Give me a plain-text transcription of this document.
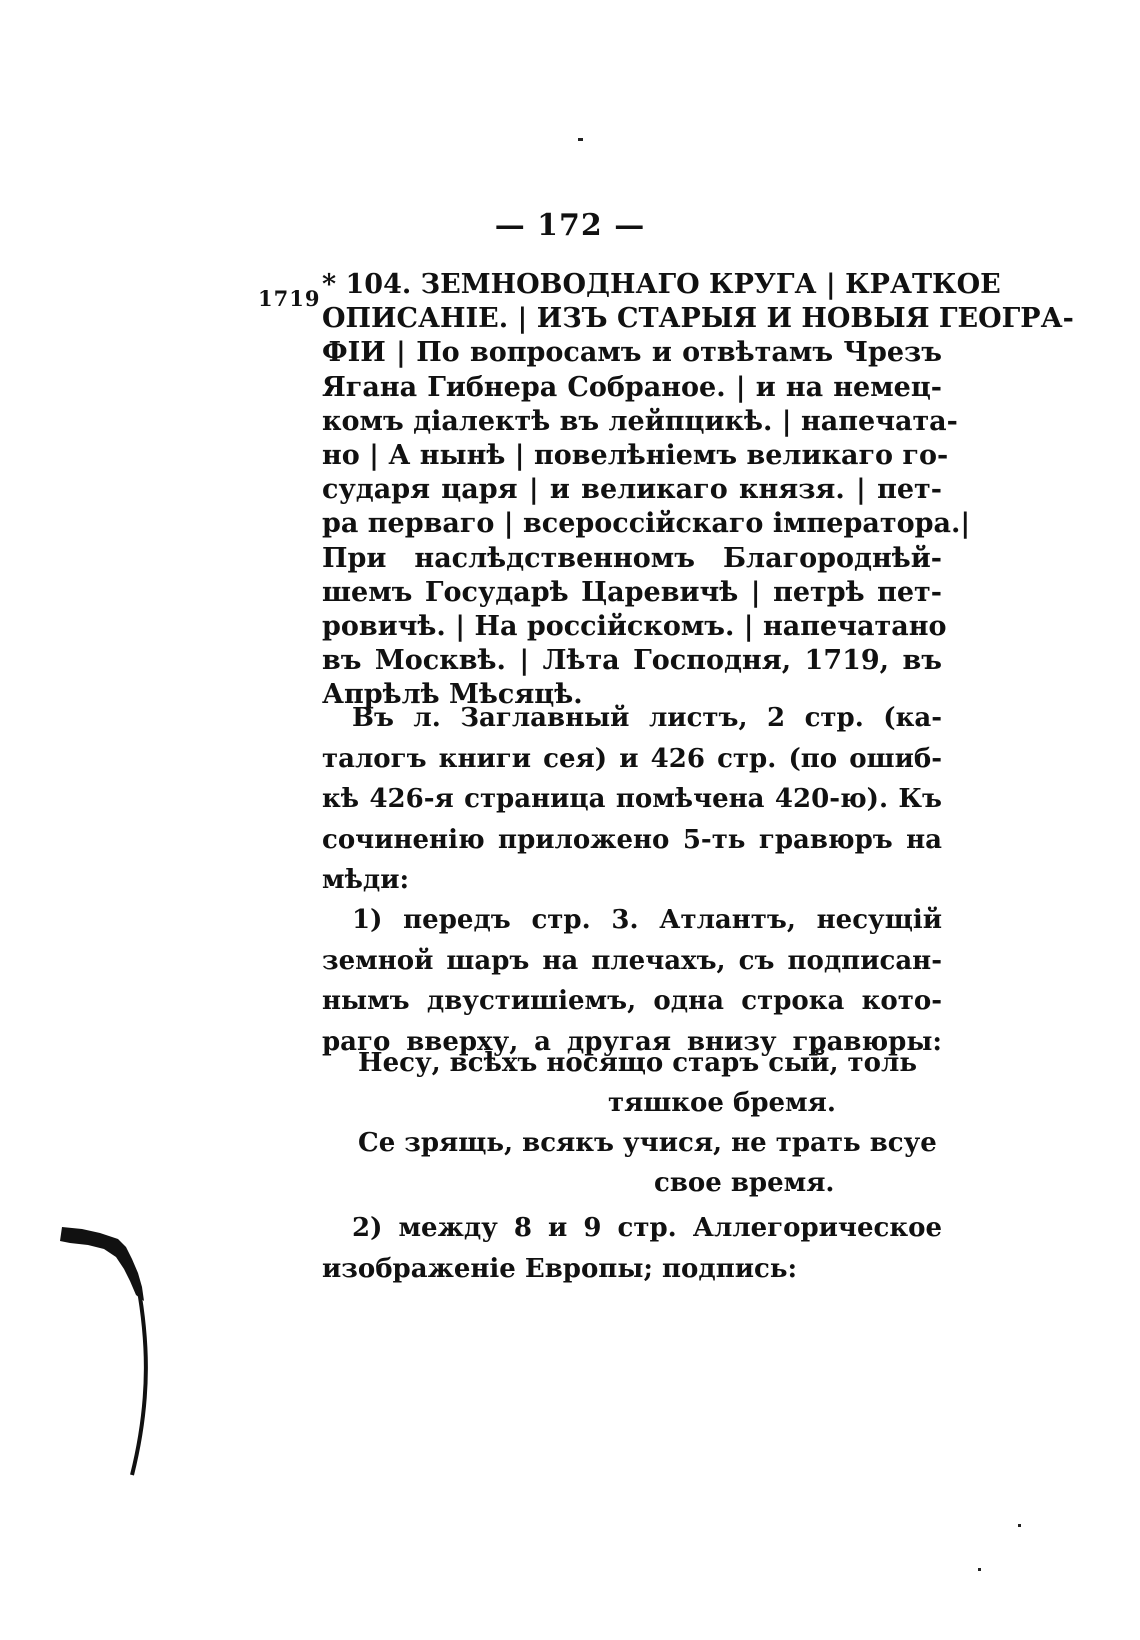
— 172 —
1719 * 104. ЗЕМНОВОДНАГО КРУГА | КРАТКОЕ
ОПИСАНІЕ. | ИЗЪ СТАРЫЯ И НОВЫЯ ГЕОГРА-
ФІИ | По вопросамъ и отвѣтамъ Чрезъ
Ягана Гибнера Собраное. | и на немец-
комъ діалектѣ въ лейпцикѣ. | напечата-
но | А нынѣ | повелѣніемъ великаго го-
сударя царя | и великаго князя. | пет-
ра перваго | всероссійскаго імператора.|
При наслѣдственномъ Благороднѣй-
шемъ Государѣ Царевичѣ | петрѣ пет-
ровичѣ. | На россійскомъ. | напечатано
въ Москвѣ. | Лѣта Господня, 1719, въ
Апрѣлѣ Мѣсяцѣ.
Въ л. Заглавный листъ, 2 стр. (ка-
талогъ книги сея) и 426 стр. (по ошиб-
кѣ 426-я страница помѣчена 420-ю). Къ
сочиненію приложено 5-ть гравюръ на
мѣди:
1) передъ стр. 3. Атлантъ, несущій
земной шаръ на плечахъ, съ подписан-
нымъ двустишіемъ, одна строка кото-
раго вверху, а другая внизу гравюры:
Несу, всѣхъ носящо старъ сый, толь
тяшкое бремя.
Се зрящь, всякъ учися, не трать всуе
свое время.
2) между 8 и 9 стр. Аллегорическое
изображеніе Европы; подпись:
